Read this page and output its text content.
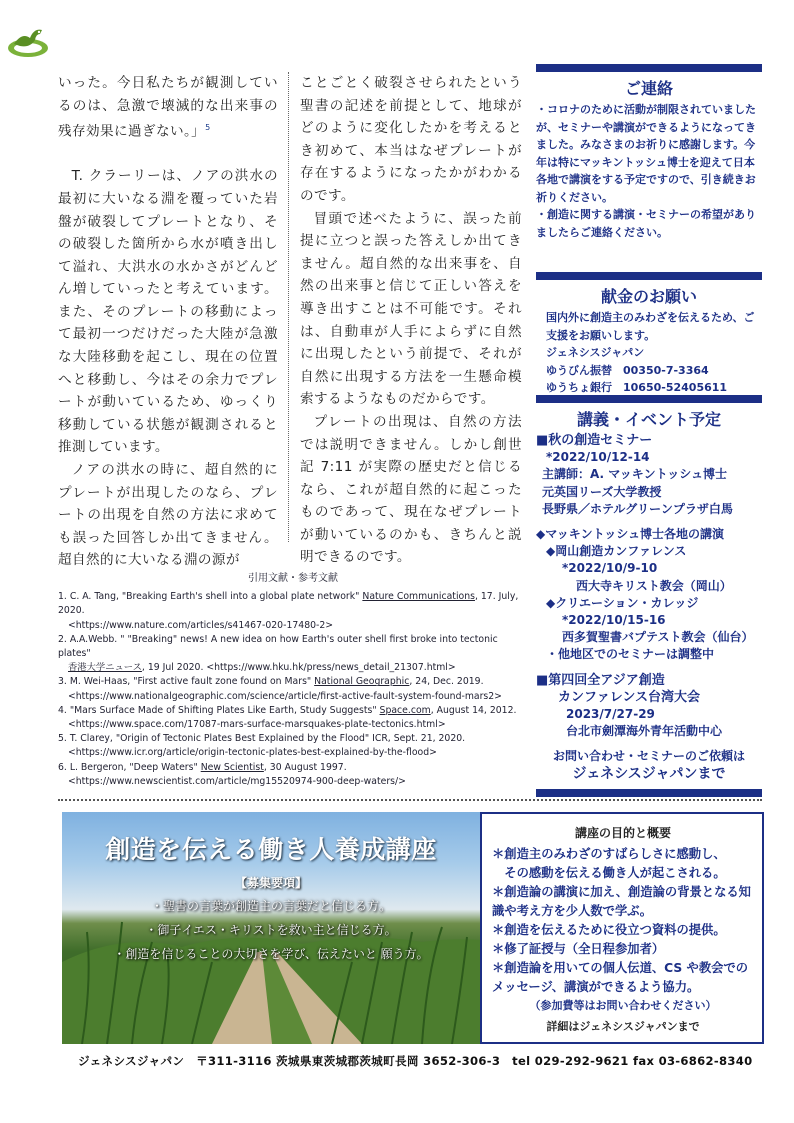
いった。今日私たちが観測しているのは、急激で壊滅的な出来事の残存効果に過ぎない。」$^5$

T. クラーリーは、ノアの洪水の最初に大いなる淵を覆っていた岩盤が破裂してプレートとなり、その破裂した箇所から水が噴き出して溢れ、大洪水の水かさがどんどん増していったと考えています。また、そのプレートの移動によって最初一つだけだった大陸が急激な大陸移動を起こし、現在の位置へと移動し、今はその余力でプレートが動いているため、ゆっくり移動している状態が観測されると推測しています。

ノアの洪水の時に、超自然的にプレートが出現したのなら、プレートの出現を自然の方法に求めても誤った回答しか出てきません。超自然的に大いなる淵の源が

ことごとく破裂させられたという聖書の記述を前提として、地球がどのように変化したかを考えるとき初めて、本当はなぜプレートが存在するようになったかがわかるのです。

冒頭で述べたように、誤った前提に立つと誤った答えしか出てきません。超自然的な出来事を、自然の出来事と信じて正しい答えを導き出すことは不可能です。それは、自動車が人手によらずに自然に出現したという前提で、それが自然に出現する方法を一生懸命模索するようなものだからです。

プレートの出現は、自然の方法では説明できません。しかし創世記 7:11 が実際の歴史だと信じるなら、これが超自然的に起こったものであって、現在なぜプレートが動いているのかも、きちんと説明できるのです。

ご連絡
・コロナのために活動が制限されていましたが、セミナーや講演ができるようになってきました。みなさまのお祈りに感謝します。今年は特にマッキントッシュ博士を迎えて日本各地で講演をする予定ですので、引き続きお祈りください。
・創造に関する講演・セミナーの希望がありましたらご連絡ください。
献金のお願い
国内外に創造主のみわざを伝えるため、ご支援をお願いします。
ジェネシスジャパン
ゆうびん振替　00350-7-3364
ゆうちょ銀行　10650-52405611
講義・イベント予定
■秋の創造セミナー
*2022/10/12-14
主講師：A. マッキントッシュ博士
元英国リーズ大学教授
長野県／ホテルグリーンプラザ白馬
◆マッキントッシュ博士各地の講演
◆岡山創造カンファレンス
*2022/10/9-10
西大寺キリスト教会（岡山）
◆クリエーション・カレッジ
*2022/10/15-16
西多賀聖書バプテスト教会（仙台）
・他地区でのセミナーは調整中
■第四回全アジア創造
カンファレンス台湾大会
2023/7/27-29
台北市劍潭海外青年活動中心
お問い合わせ・セミナーのご依頼は
ジェネシスジャパンまで
引用文献・参考文献
1. C. A. Tang, "Breaking Earth's shell into a global plate network" Nature Communications, 17. July, 2020.
<https://www.nature.com/articles/s41467-020-17480-2>
2. A.A.Webb. " "Breaking" news! A new idea on how Earth's outer shell first broke into tectonic plates"
香港大学ニュース, 19 Jul 2020. <https://www.hku.hk/press/news_detail_21307.html>
3. M. Wei-Haas, "First active fault zone found on Mars" National Geographic, 24, Dec. 2019.
<https://www.nationalgeographic.com/science/article/first-active-fault-system-found-mars2>
4. "Mars Surface Made of Shifting Plates Like Earth, Study Suggests" Space.com, August 14, 2012.
<https://www.space.com/17087-mars-surface-marsquakes-plate-tectonics.html>
5. T. Clarey, "Origin of Tectonic Plates Best Explained by the Flood" ICR, Sept. 21, 2020.
<https://www.icr.org/article/origin-tectonic-plates-best-explained-by-the-flood>
6. L. Bergeron, "Deep Waters" New Scientist, 30 August 1997.
<https://www.newscientist.com/article/mg15520974-900-deep-waters/>
創造を伝える働き人養成講座
【募集要項】
・聖書の言葉が創造主の言葉だと信じる方。
・御子イエス・キリストを救い主と信じる方。
・創造を信じることの大切さを学び、伝えたいと 願う方。
講座の目的と概要
＊創造主のみわざのすばらしさに感動し、
　その感動を伝える働き人が起こされる。
＊創造論の講演に加え、創造論の背景となる知識や考え方を少人数で学ぶ。
＊創造を伝えるために役立つ資料の提供。
＊修了証授与（全日程参加者）
＊創造論を用いての個人伝道、CS や教会でのメッセージ、講演ができるよう協力。
（参加費等はお問い合わせください）
詳細はジェネシスジャパンまで
ジェネシスジャパン　〒311-3116 茨城県東茨城郡茨城町長岡 3652-306-3　tel 029-292-9621 fax 03-6862-8340
